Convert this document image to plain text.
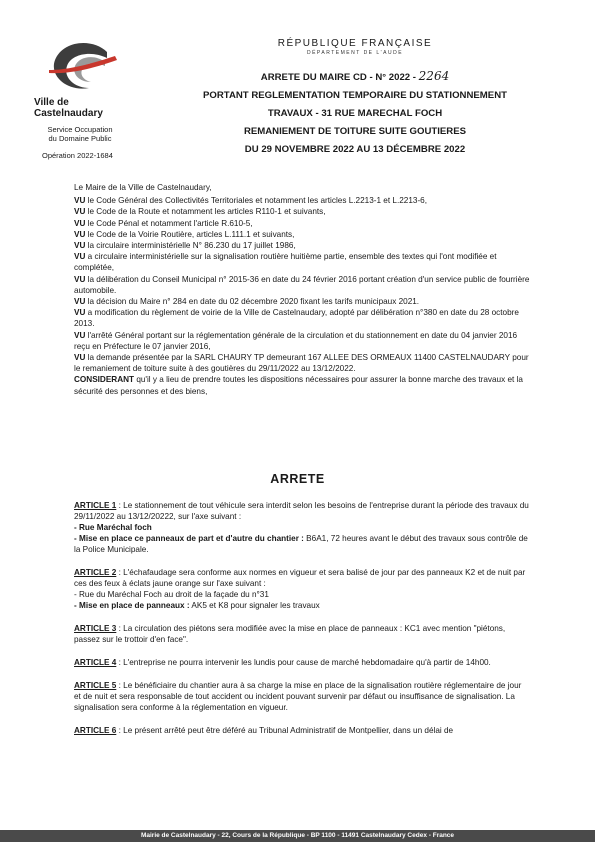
Ville de Castelnaudary
Service Occupation
du Domaine Public
Opération 2022-1684
RÉPUBLIQUE FRANÇAISE
DÉPARTEMENT DE L'AUDE
ARRETE DU MAIRE CD - N° 2022 - 2264
PORTANT REGLEMENTATION TEMPORAIRE DU STATIONNEMENT
TRAVAUX - 31 RUE MARECHAL FOCH
REMANIEMENT DE TOITURE SUITE GOUTIERES
DU 29 NOVEMBRE 2022 AU 13 DÉCEMBRE 2022

Le Maire de la Ville de Castelnaudary,

VU le Code Général des Collectivités Territoriales et notamment les articles L.2213-1 et L.2213-6,

VU le Code de la Route et notamment les articles R110-1 et suivants,

VU le Code Pénal et notamment l'article R.610-5,

VU le Code de la Voirie Routière, articles L.111.1 et suivants,

VU la circulaire interministérielle N° 86.230 du 17 juillet 1986,

VU a circulaire interministérielle sur la signalisation routière huitième partie, ensemble des textes qui l'ont modifiée et complétée,

VU la délibération du Conseil Municipal n° 2015-36 en date du 24 février 2016 portant création d'un service public de fourrière automobile.

VU la décision du Maire n° 284 en date du 02 décembre 2020 fixant les tarifs municipaux 2021.

VU a modification du règlement de voirie de la Ville de Castelnaudary, adopté par délibération n°380 en date du 28 octobre 2013.

VU l'arrêté Général portant sur la réglementation générale de la circulation et du stationnement en date du 04 janvier 2016 reçu en Préfecture le 07 janvier 2016,

VU la demande présentée par la SARL CHAURY TP demeurant 167 ALLEE DES ORMEAUX 11400 CASTELNAUDARY pour le remaniement de toiture suite à des goutières du 29/11/2022 au 13/12/2022.

CONSIDERANT qu'il y a lieu de prendre toutes les dispositions nécessaires pour assurer la bonne marche des travaux et la sécurité des personnes et des biens,

ARRETE

ARTICLE 1 : Le stationnement de tout véhicule sera interdit selon les besoins de l'entreprise durant la période des travaux du 29/11/2022 au 13/12/20222, sur l'axe suivant :

- Rue Maréchal foch

- Mise en place ce panneaux de part et d'autre du chantier : B6A1, 72 heures avant le début des travaux sous contrôle de la Police Municipale.

ARTICLE 2 : L'échafaudage sera conforme aux normes en vigueur et sera balisé de jour par des panneaux K2 et de nuit par ces des feux à éclats jaune orange sur l'axe suivant :

- Rue du Maréchal Foch au droit de la façade du n°31

- Mise en place de panneaux : AK5 et K8 pour signaler les travaux

ARTICLE 3 : La circulation des piétons sera modifiée avec la mise en place de panneaux : KC1 avec mention "piétons, passez sur le trottoir d'en face".

ARTICLE 4 : L'entreprise ne pourra intervenir les lundis pour cause de marché hebdomadaire qu'à partir de 14h00.

ARTICLE 5 : Le bénéficiaire du chantier aura à sa charge la mise en place de la signalisation routière réglementaire de jour et de nuit et sera responsable de tout accident ou incident pouvant survenir par défaut ou insuffisance de signalisation. La signalisation sera conforme à la réglementation en vigueur.

ARTICLE 6 : Le présent arrêté peut être déféré au Tribunal Administratif de Montpellier, dans un délai de

Mairie de Castelnaudary - 22, Cours de la République - BP 1100 - 11491 Castelnaudary Cedex - France
